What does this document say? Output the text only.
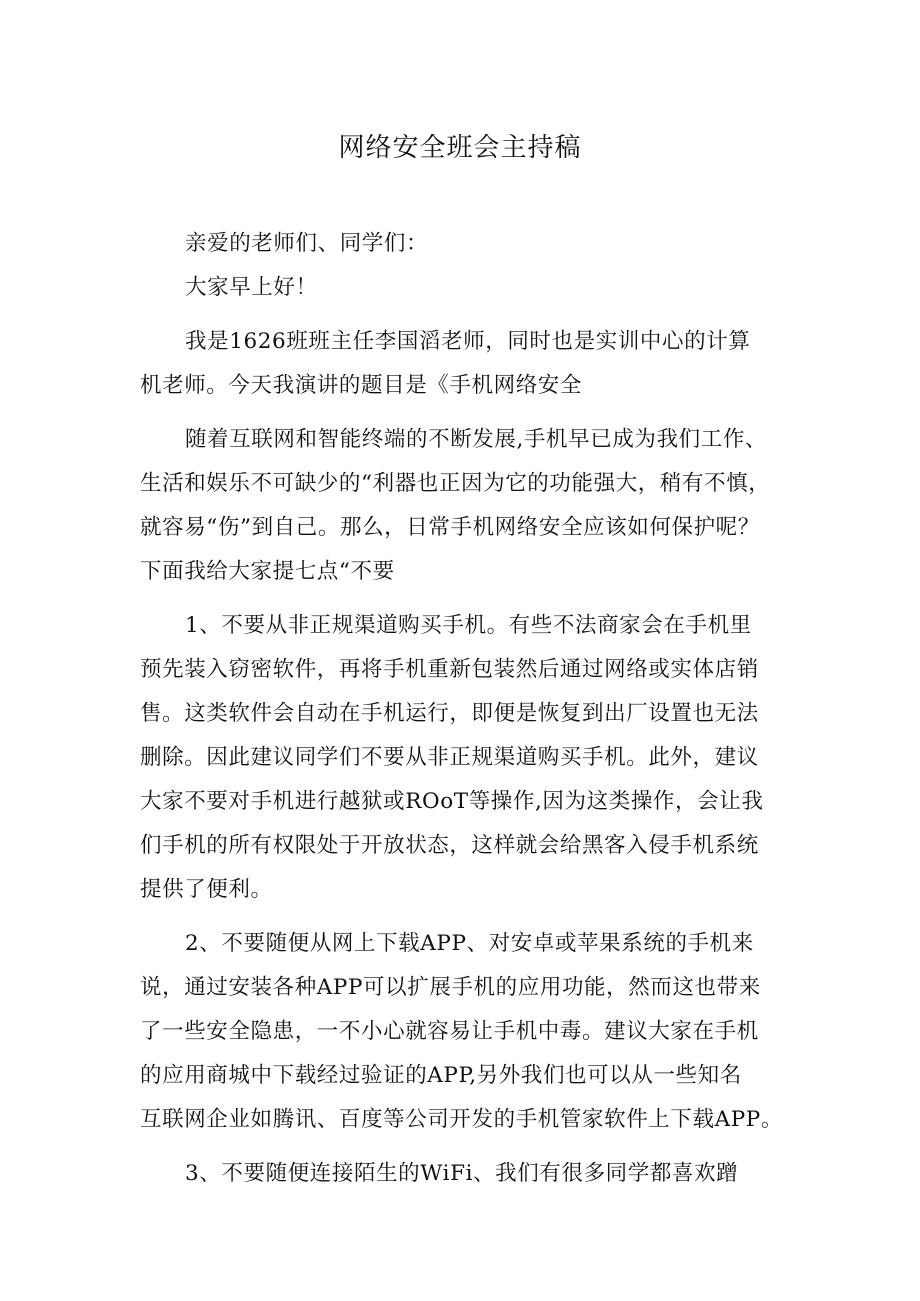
网络安全班会主持稿
亲爱的老师们、同学们：
大家早上好！
我是1626班班主任李国滔老师，同时也是实训中心的计算
机老师。今天我演讲的题目是《手机网络安全
随着互联网和智能终端的不断发展,手机早已成为我们工作、
生活和娱乐不可缺少的“利器也正因为它的功能强大，稍有不慎，
就容易“伤”到自己。那么，日常手机网络安全应该如何保护呢？
下面我给大家提七点“不要
1、不要从非正规渠道购买手机。有些不法商家会在手机里
预先装入窃密软件，再将手机重新包装然后通过网络或实体店销
售。这类软件会自动在手机运行，即便是恢复到出厂设置也无法
删除。因此建议同学们不要从非正规渠道购买手机。此外，建议
大家不要对手机进行越狱或ROoT等操作,因为这类操作，会让我
们手机的所有权限处于开放状态，这样就会给黑客入侵手机系统
提供了便利。
2、不要随便从网上下载APP、对安卓或苹果系统的手机来
说，通过安装各种APP可以扩展手机的应用功能，然而这也带来
了一些安全隐患，一不小心就容易让手机中毒。建议大家在手机
的应用商城中下载经过验证的APP,另外我们也可以从一些知名
互联网企业如腾讯、百度等公司开发的手机管家软件上下载APP。
3、不要随便连接陌生的WiFi、我们有很多同学都喜欢蹭
